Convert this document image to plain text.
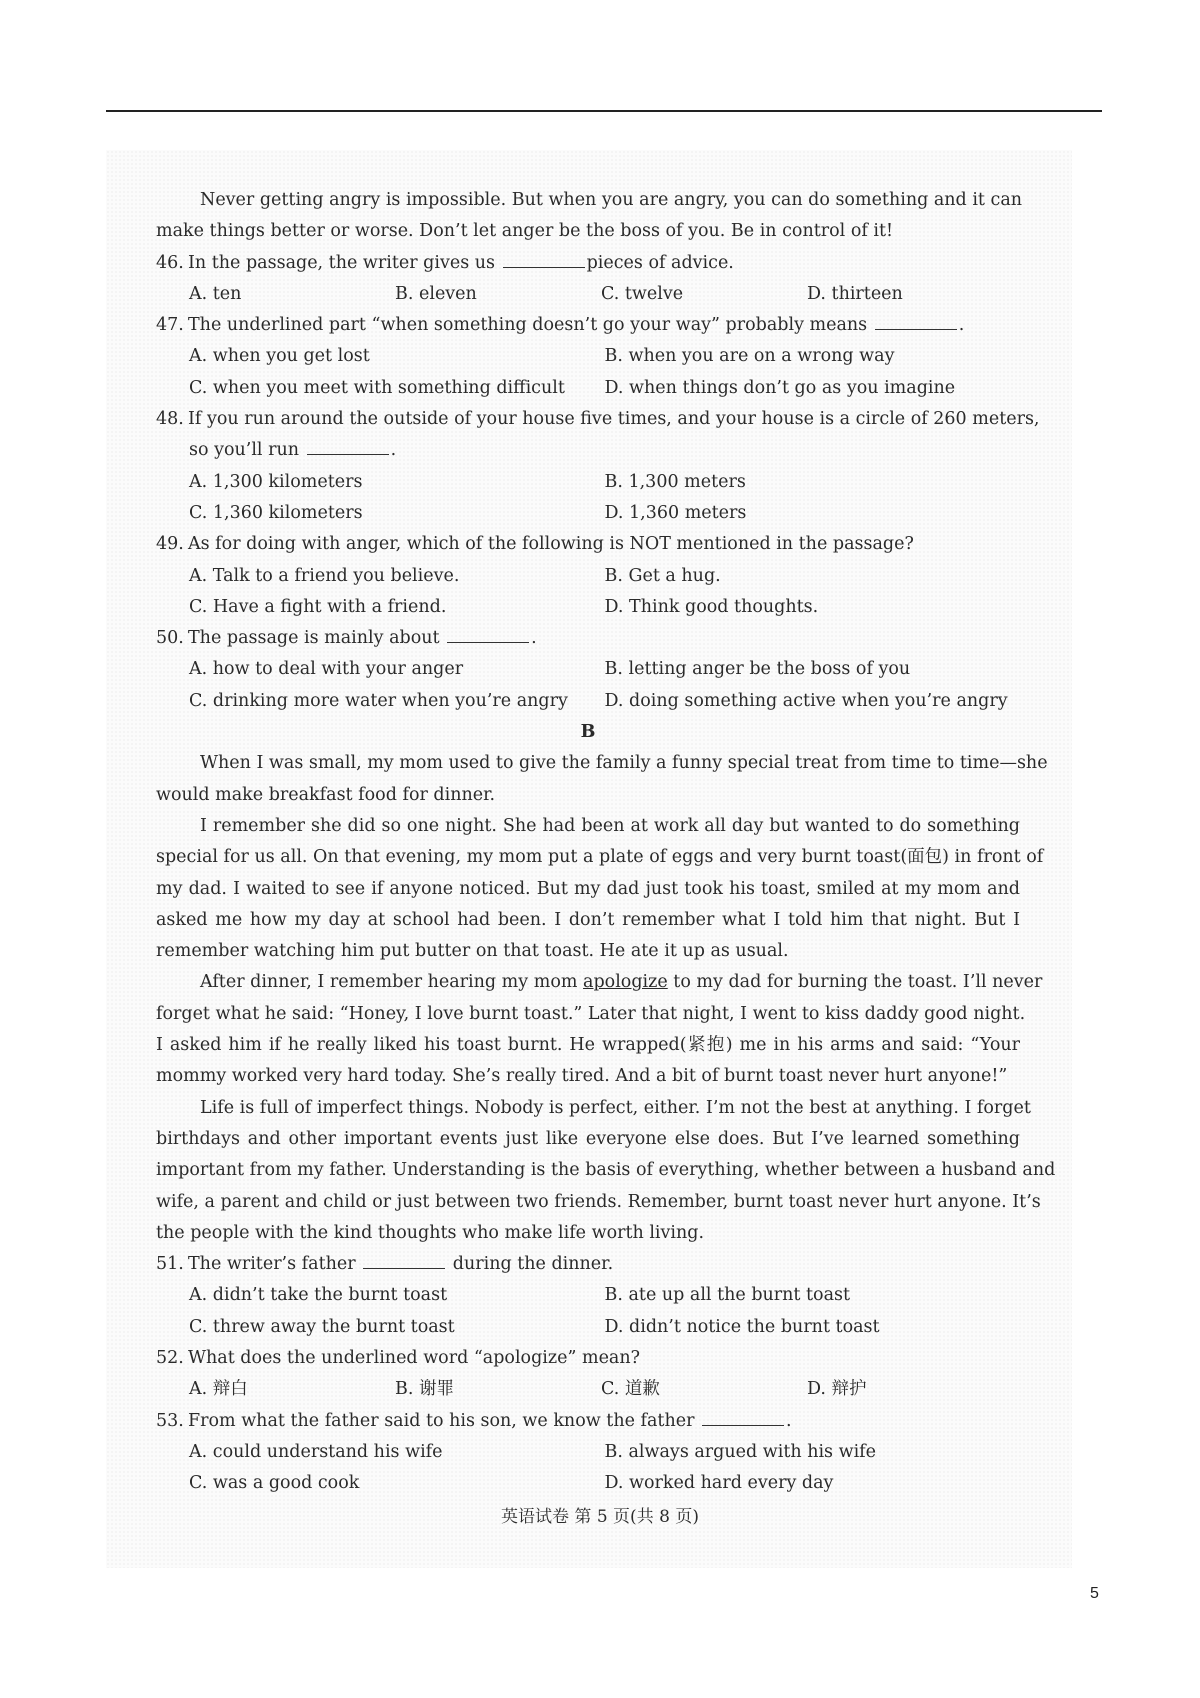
Never getting angry is impossible. But when you are angry, you can do something and it can
make things better or worse. Don’t let anger be the boss of you. Be in control of it!
46. In the passage, the writer gives us	pieces of advice.
A. ten	B. eleven	C. twelve	D. thirteen
47. The underlined part “when something doesn’t go your way” probably means	.
A. when you get lost	B. when you are on a wrong way
C. when you meet with something difficult	D. when things don’t go as you imagine
48. If you run around the outside of your house five times, and your house is a circle of 260 meters,
so you’ll run	.
A. 1,300 kilometers	B. 1,300 meters
C. 1,360 kilometers	D. 1,360 meters
49. As for doing with anger, which of the following is NOT mentioned in the passage?
A. Talk to a friend you believe.	B. Get a hug.
C. Have a fight with a friend.	D. Think good thoughts.
50. The passage is mainly about	.
A. how to deal with your anger	B. letting anger be the boss of you
C. drinking more water when you’re angry	D. doing something active when you’re angry
B
When I was small, my mom used to give the family a funny special treat from time to time—she
would make breakfast food for dinner.
I remember she did so one night. She had been at work all day but wanted to do something
special for us all. On that evening, my mom put a plate of eggs and very burnt toast(面包) in front of
my dad. I waited to see if anyone noticed. But my dad just took his toast, smiled at my mom and
asked me how my day at school had been. I don’t remember what I told him that night. But I
remember watching him put butter on that toast. He ate it up as usual.
After dinner, I remember hearing my mom apologize to my dad for burning the toast. I’ll never
forget what he said: “Honey, I love burnt toast.” Later that night, I went to kiss daddy good night.
I asked him if he really liked his toast burnt. He wrapped(紧抱) me in his arms and said: “Your
mommy worked very hard today. She’s really tired. And a bit of burnt toast never hurt anyone!”
Life is full of imperfect things. Nobody is perfect, either. I’m not the best at anything. I forget
birthdays and other important events just like everyone else does. But I’ve learned something
important from my father. Understanding is the basis of everything, whether between a husband and
wife, a parent and child or just between two friends. Remember, burnt toast never hurt anyone. It’s
the people with the kind thoughts who make life worth living.
51. The writer’s father	during the dinner.
A. didn’t take the burnt toast	B. ate up all the burnt toast
C. threw away the burnt toast	D. didn’t notice the burnt toast
52. What does the underlined word “apologize” mean?
A. 辩白	B. 谢罪	C. 道歉	D. 辩护
53. From what the father said to his son, we know the father	.
A. could understand his wife	B. always argued with his wife
C. was a good cook	D. worked hard every day
英语试卷 第 5 页(共 8 页)
5
